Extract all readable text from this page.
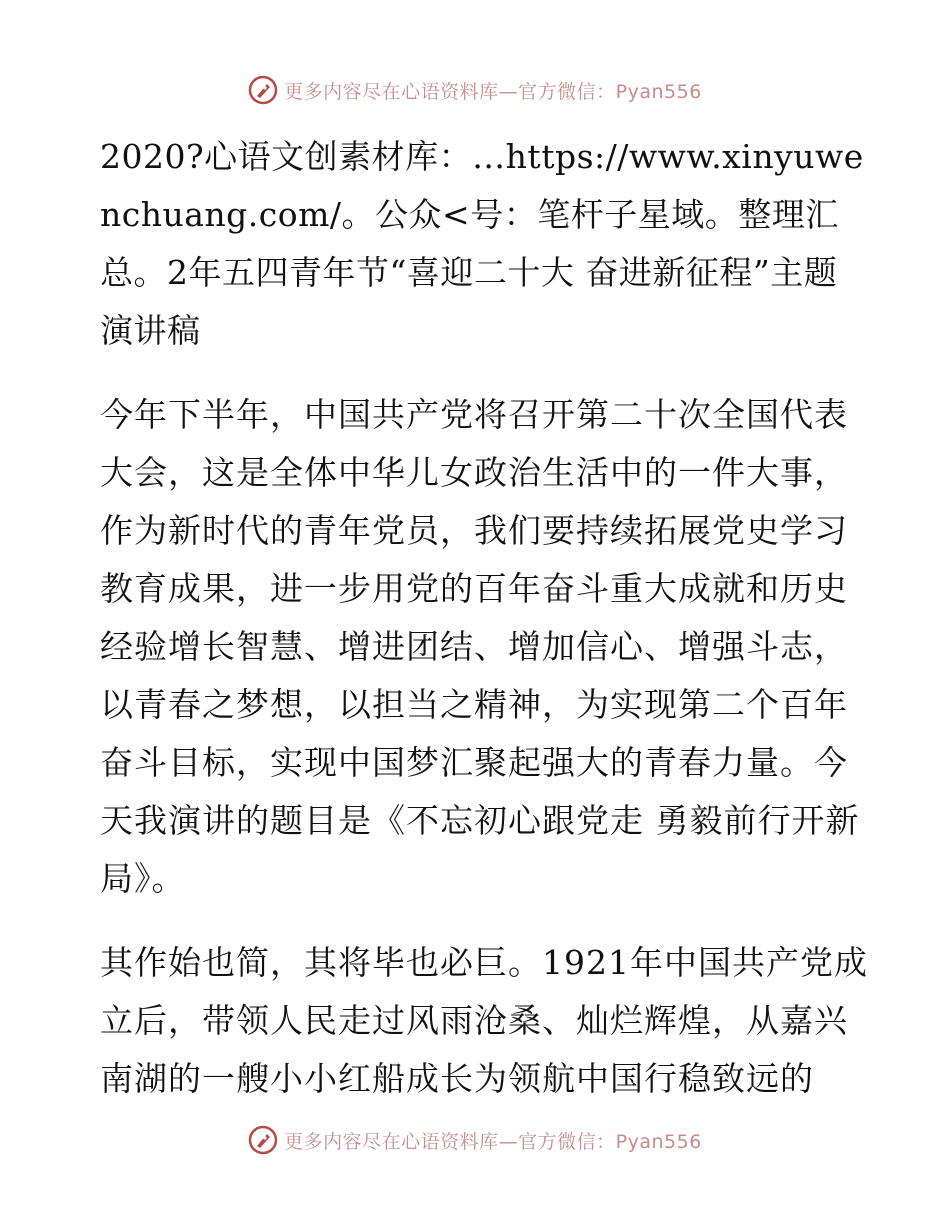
更多内容尽在心语资料库—官方微信：Pyan556

2020?心语文创素材库：…https://www.xinyuwenchuang.com/。公众<号：笔杆子星域。整理汇总。2年五四青年节“喜迎二十大 奋进新征程”主题演讲稿

今年下半年，中国共产党将召开第二十次全国代表大会，这是全体中华儿女政治生活中的一件大事，作为新时代的青年党员，我们要持续拓展党史学习教育成果，进一步用党的百年奋斗重大成就和历史经验增长智慧、增进团结、增加信心、增强斗志，以青春之梦想，以担当之精神，为实现第二个百年奋斗目标，实现中国梦汇聚起强大的青春力量。今天我演讲的题目是《不忘初心跟党走 勇毅前行开新局》。

其作始也简，其将毕也必巨。1921年中国共产党成立后，带领人民走过风雨沧桑、灿烂辉煌，从嘉兴南湖的一艘小小红船成长为领航中国行稳致远的

更多内容尽在心语资料库—官方微信：Pyan556
